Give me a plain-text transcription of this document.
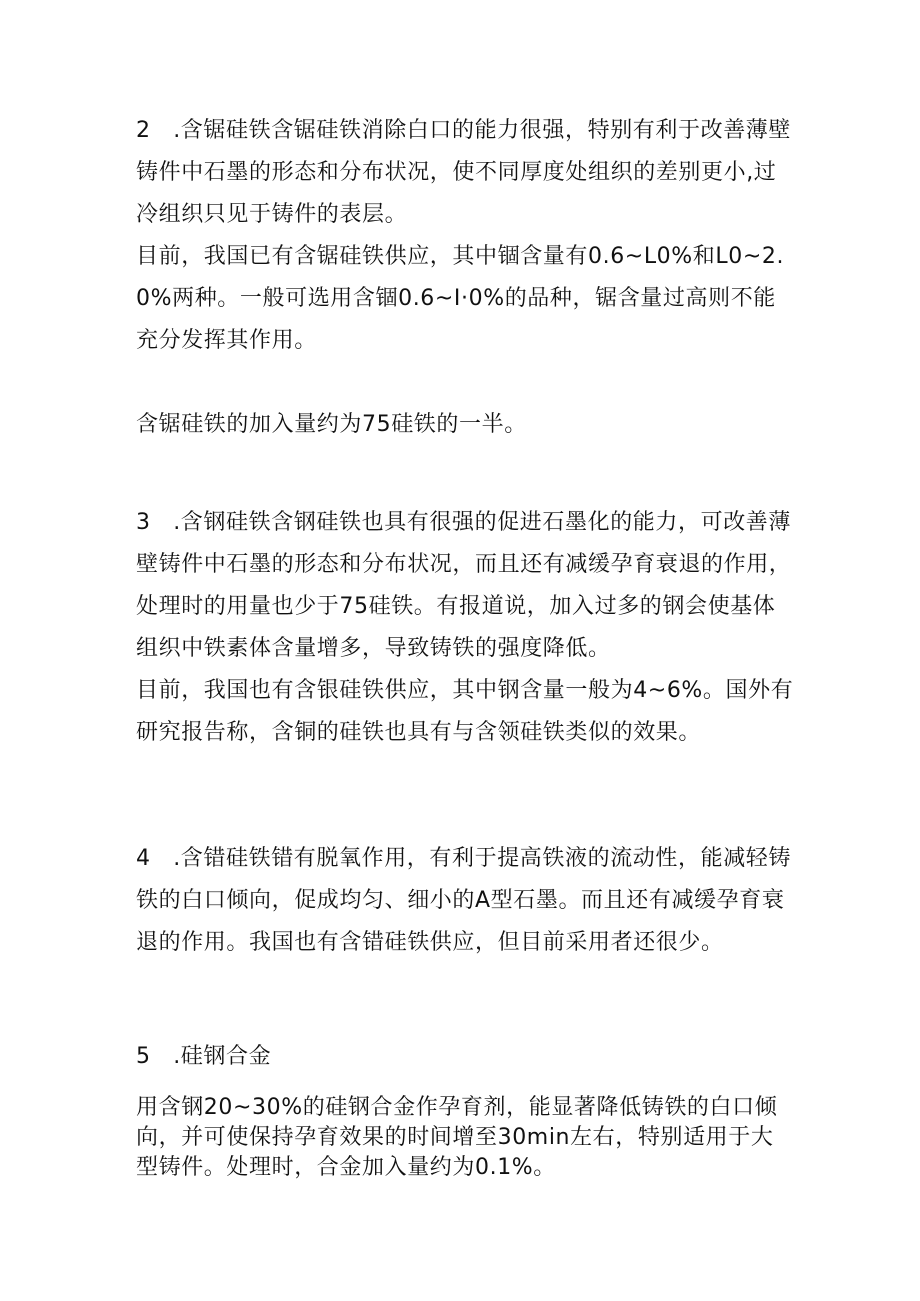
2　.含锯硅铁含锯硅铁消除白口的能力很强，特别有利于改善薄壁铸件中石墨的形态和分布状况，使不同厚度处组织的差别更小,过冷组织只见于铸件的表层。

目前，我国已有含锯硅铁供应，其中锢含量有0.6~L0%和L0~2.0%两种。一般可选用含锢0.6~I·0%的品种，锯含量过高则不能充分发挥其作用。

含锯硅铁的加入量约为75硅铁的一半。

3　.含钢硅铁含钢硅铁也具有很强的促进石墨化的能力，可改善薄壁铸件中石墨的形态和分布状况，而且还有减缓孕育衰退的作用，处理时的用量也少于75硅铁。有报道说，加入过多的钢会使基体组织中铁素体含量增多，导致铸铁的强度降低。

目前，我国也有含银硅铁供应，其中钢含量一般为4~6%。国外有研究报告称，含铜的硅铁也具有与含领硅铁类似的效果。

4　.含错硅铁错有脱氧作用，有利于提高铁液的流动性，能减轻铸铁的白口倾向，促成均匀、细小的A型石墨。而且还有减缓孕育衰退的作用。我国也有含错硅铁供应，但目前采用者还很少。

5　.硅钢合金

用含钢20~30%的硅钢合金作孕育剂，能显著降低铸铁的白口倾向，并可使保持孕育效果的时间增至30min左右，特别适用于大型铸件。处理时，合金加入量约为0.1%。
